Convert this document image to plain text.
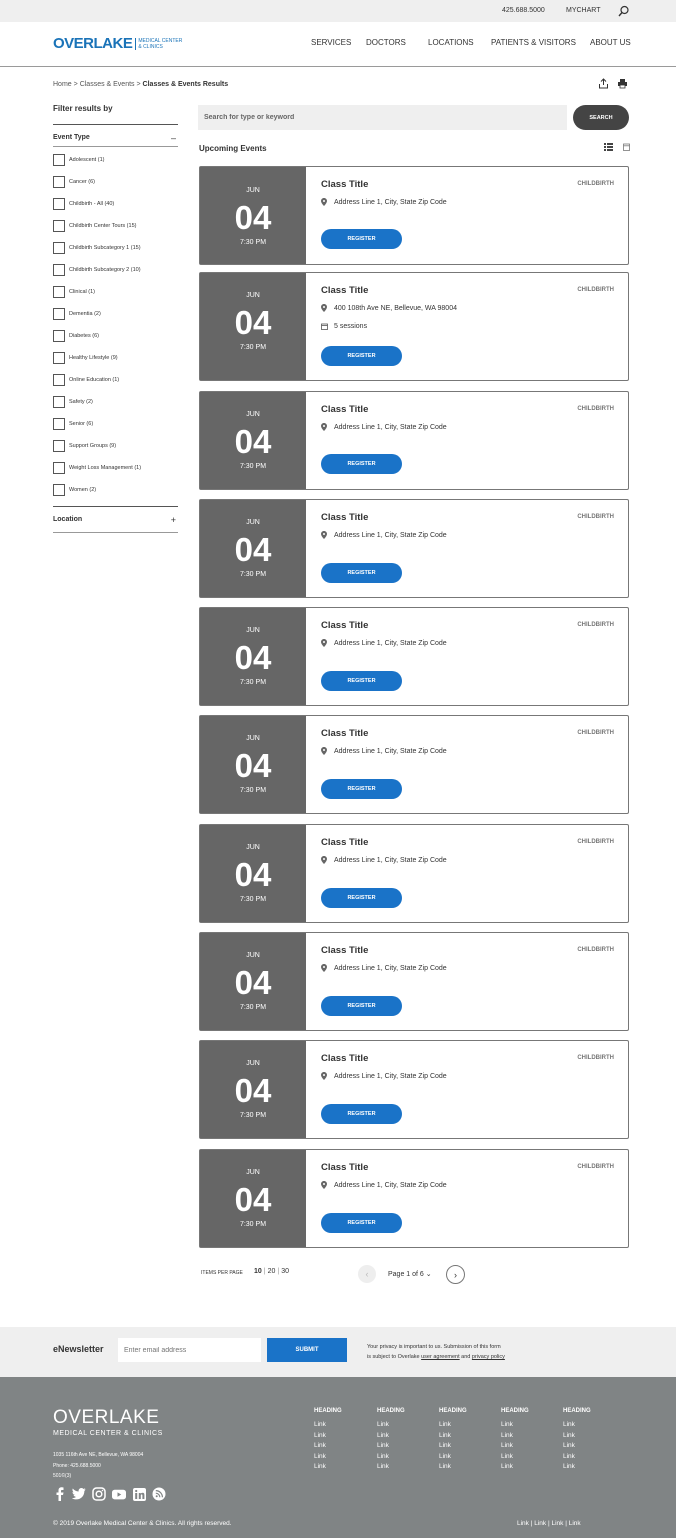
425.688.5000	MYCHART
OVERLAKE	MEDICAL CENTER
& CLINICS	SERVICES DOCTORS	LOCATIONS PATIENTS & VISITORS ABOUT US
Home > Classes & Events > Classes & Events Results
Filter results by
Event Type	–
Adolescent (1)
Cancer (6)
Childbirth - All (40)
Childbirth Center Tours (15)
Childbirth Subcategory 1 (15)
Childbirth Subcategory 2 (10)
Clinical (1)
Dementia (2)
Diabetes (6)
Healthy Lifestyle (9)
Online Education (1)
Safety (2)
Senior (6)
Support Groups (9)
Weight Loss Management (1)
Women (2)
Location	+
Search for type or keyword
SEARCH
Upcoming Events
JUN
04
7:30 PM
Class Title	CHILDBIRTH
Address Line 1, City, State Zip Code
REGISTER
JUN
04
7:30 PM
Class Title	CHILDBIRTH
400 108th Ave NE, Bellevue, WA 98004
5 sessions
REGISTER
JUN
04
7:30 PM
Class Title	CHILDBIRTH
Address Line 1, City, State Zip Code
REGISTER
JUN
04
7:30 PM
Class Title	CHILDBIRTH
Address Line 1, City, State Zip Code
REGISTER
JUN
04
7:30 PM
Class Title	CHILDBIRTH
Address Line 1, City, State Zip Code
REGISTER
JUN
04
7:30 PM
Class Title	CHILDBIRTH
Address Line 1, City, State Zip Code
REGISTER
JUN
04
7:30 PM
Class Title	CHILDBIRTH
Address Line 1, City, State Zip Code
REGISTER
JUN
04
7:30 PM
Class Title	CHILDBIRTH
Address Line 1, City, State Zip Code
REGISTER
JUN
04
7:30 PM
Class Title	CHILDBIRTH
Address Line 1, City, State Zip Code
REGISTER
JUN
04
7:30 PM
Class Title	CHILDBIRTH
Address Line 1, City, State Zip Code
REGISTER
ITEMS PER PAGE 10 | 20 | 30	‹	Page 1 of 6 ⌄	›
eNewsletter
Enter email address	SUBMIT	Your privacy is important to us. Submission of this form
is subject to Overlake user agreement and privacy policy
OVERLAKE
MEDICAL CENTER & CLINICS
1035 116th Ave NE, Bellevue, WA 98004
Phone: 425.688.5000
501©(3)
HEADING
Link
Link
Link
Link
Link
HEADING
Link
Link
Link
Link
Link
HEADING
Link
Link
Link
Link
Link
HEADING
Link
Link
Link
Link
Link
HEADING
Link
Link
Link
Link
Link
© 2019 Overlake Medical Center & Clinics. All rights reserved.	Link | Link | Link | Link
